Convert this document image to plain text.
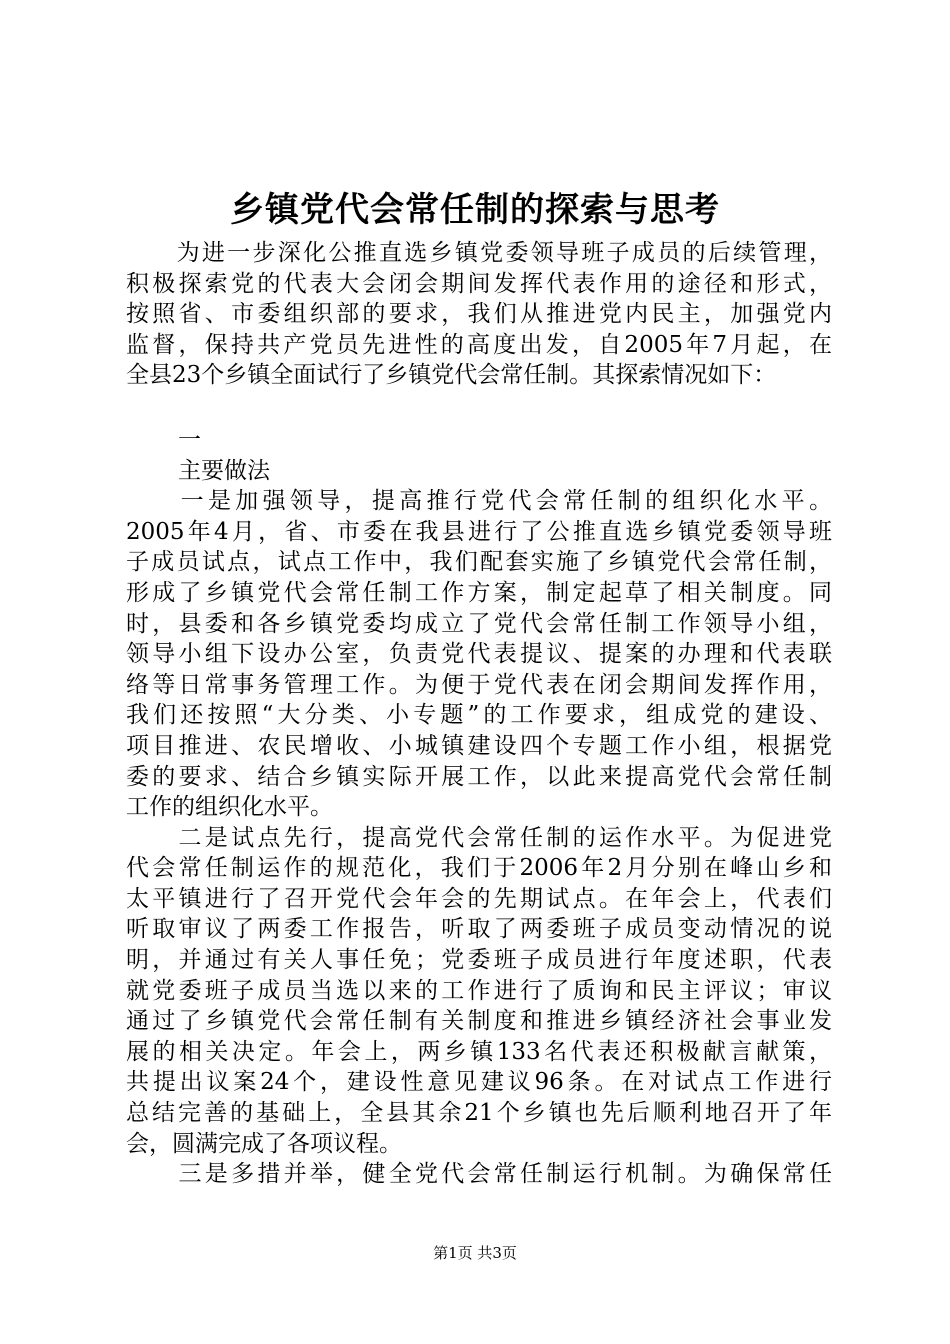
乡镇党代会常任制的探索与思考
　　为进一步深化公推直选乡镇党委领导班子成员的后续管理，
积极探索党的代表大会闭会期间发挥代表作用的途径和形式，
按照省、市委组织部的要求，我们从推进党内民主，加强党内
监督，保持共产党员先进性的高度出发，自2005年7月起，在
全县23个乡镇全面试行了乡镇党代会常任制。其探索情况如下：
一
主要做法
　　一是加强领导，提高推行党代会常任制的组织化水平。
2005年4月，省、市委在我县进行了公推直选乡镇党委领导班
子成员试点，试点工作中，我们配套实施了乡镇党代会常任制，
形成了乡镇党代会常任制工作方案，制定起草了相关制度。同
时，县委和各乡镇党委均成立了党代会常任制工作领导小组，
领导小组下设办公室，负责党代表提议、提案的办理和代表联
络等日常事务管理工作。为便于党代表在闭会期间发挥作用，
我们还按照“大分类、小专题”的工作要求，组成党的建设、
项目推进、农民增收、小城镇建设四个专题工作小组，根据党
委的要求、结合乡镇实际开展工作，以此来提高党代会常任制
工作的组织化水平。
　　二是试点先行，提高党代会常任制的运作水平。为促进党
代会常任制运作的规范化，我们于2006年2月分别在峰山乡和
太平镇进行了召开党代会年会的先期试点。在年会上，代表们
听取审议了两委工作报告，听取了两委班子成员变动情况的说
明，并通过有关人事任免；党委班子成员进行年度述职，代表
就党委班子成员当选以来的工作进行了质询和民主评议；审议
通过了乡镇党代会常任制有关制度和推进乡镇经济社会事业发
展的相关决定。年会上，两乡镇133名代表还积极献言献策，
共提出议案24个，建设性意见建议96条。在对试点工作进行
总结完善的基础上，全县其余21个乡镇也先后顺利地召开了年
会，圆满完成了各项议程。
　　三是多措并举，健全党代会常任制运行机制。为确保常任
第1页 共3页
